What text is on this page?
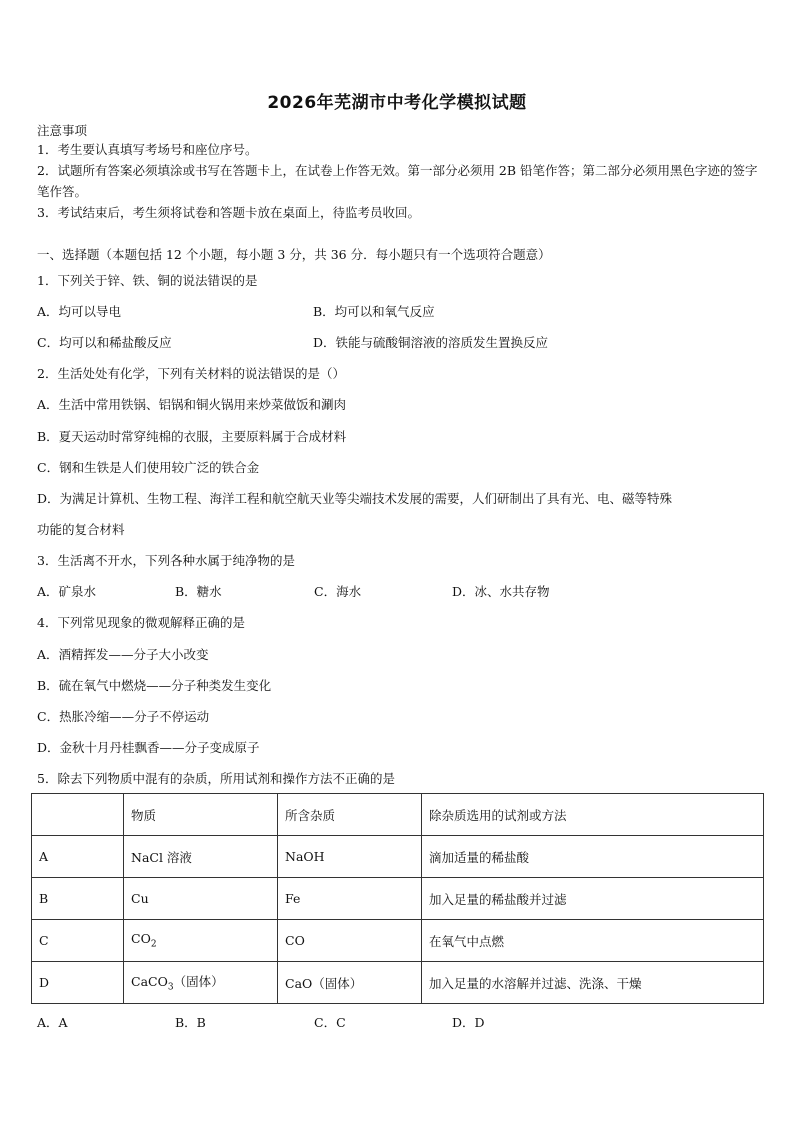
2026年芜湖市中考化学模拟试题
注意事项
1．考生要认真填写考场号和座位序号。
2．试题所有答案必须填涂或书写在答题卡上，在试卷上作答无效。第一部分必须用 2B 铅笔作答；第二部分必须用黑色字迹的签字笔作答。
3．考试结束后，考生须将试卷和答题卡放在桌面上，待监考员收回。
一、选择题（本题包括 12 个小题，每小题 3 分，共 36 分．每小题只有一个选项符合题意）
1．下列关于锌、铁、铜的说法错误的是
A．均可以导电	B．均可以和氧气反应
C．均可以和稀盐酸反应	D．铁能与硫酸铜溶液的溶质发生置换反应
2．生活处处有化学，下列有关材料的说法错误的是（）
A．生活中常用铁锅、铝锅和铜火锅用来炒菜做饭和涮肉
B．夏天运动时常穿纯棉的衣服，主要原料属于合成材料
C．钢和生铁是人们使用较广泛的铁合金
D．为满足计算机、生物工程、海洋工程和航空航天业等尖端技术发展的需要，人们研制出了具有光、电、磁等特殊
功能的复合材料
3．生活离不开水，下列各种水属于纯净物的是
A．矿泉水	B．糖水	C．海水	D．冰、水共存物
4．下列常见现象的微观解释正确的是
A．酒精挥发——分子大小改变
B．硫在氧气中燃烧——分子种类发生变化
C．热胀冷缩——分子不停运动
D．金秋十月丹桂飘香——分子变成原子
5．除去下列物质中混有的杂质，所用试剂和操作方法不正确的是
	物质	所含杂质	除杂质选用的试剂或方法
A	NaCl 溶液	NaOH	滴加适量的稀盐酸
B	Cu	Fe	加入足量的稀盐酸并过滤
C	$CO_2$	CO	在氧气中点燃
D	CaCO$_3$（固体）	CaO（固体）	加入足量的水溶解并过滤、洗涤、干燥
A．A	B．B	C．C	D．D
